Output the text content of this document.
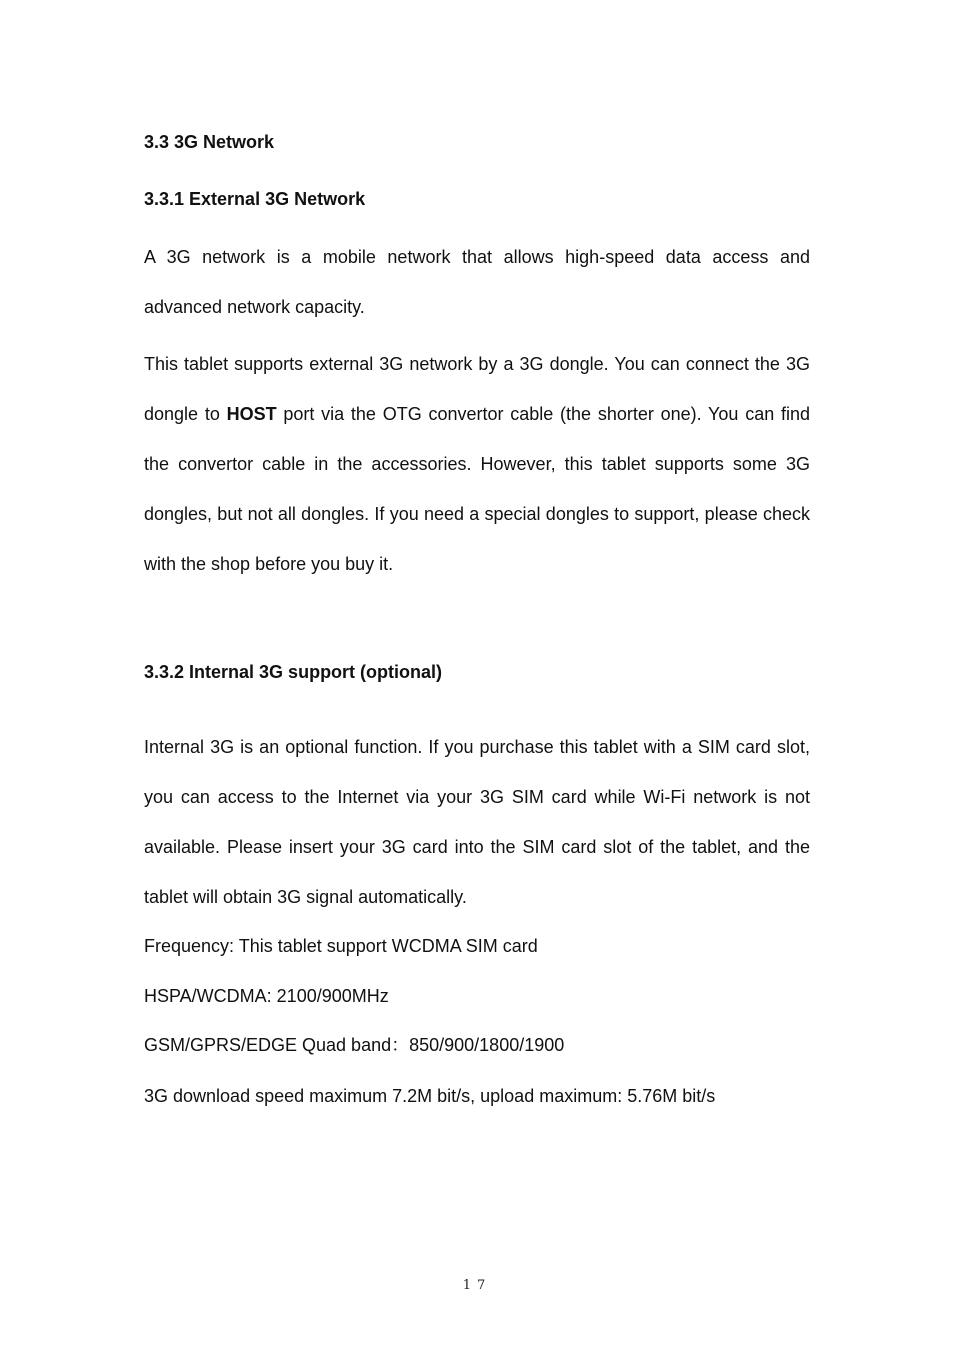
3.3 3G Network
3.3.1 External 3G Network

A 3G network is a mobile network that allows high-speed data access and advanced network capacity.

This tablet supports external 3G network by a 3G dongle. You can connect the 3G dongle to HOST port via the OTG convertor cable (the shorter one). You can find the convertor cable in the accessories. However, this tablet supports some 3G dongles, but not all dongles. If you need a special dongles to support, please check with the shop before you buy it.

3.3.2 Internal 3G support (optional)

Internal 3G is an optional function. If you purchase this tablet with a SIM card slot, you can access to the Internet via your 3G SIM card while Wi-Fi network is not available. Please insert your 3G card into the SIM card slot of the tablet, and the tablet will obtain 3G signal automatically.

Frequency: This tablet support WCDMA SIM card

HSPA/WCDMA: 2100/900MHz

GSM/GPRS/EDGE Quad band：850/900/1800/1900

3G download speed maximum 7.2M bit/s, upload maximum: 5.76M bit/s

17
